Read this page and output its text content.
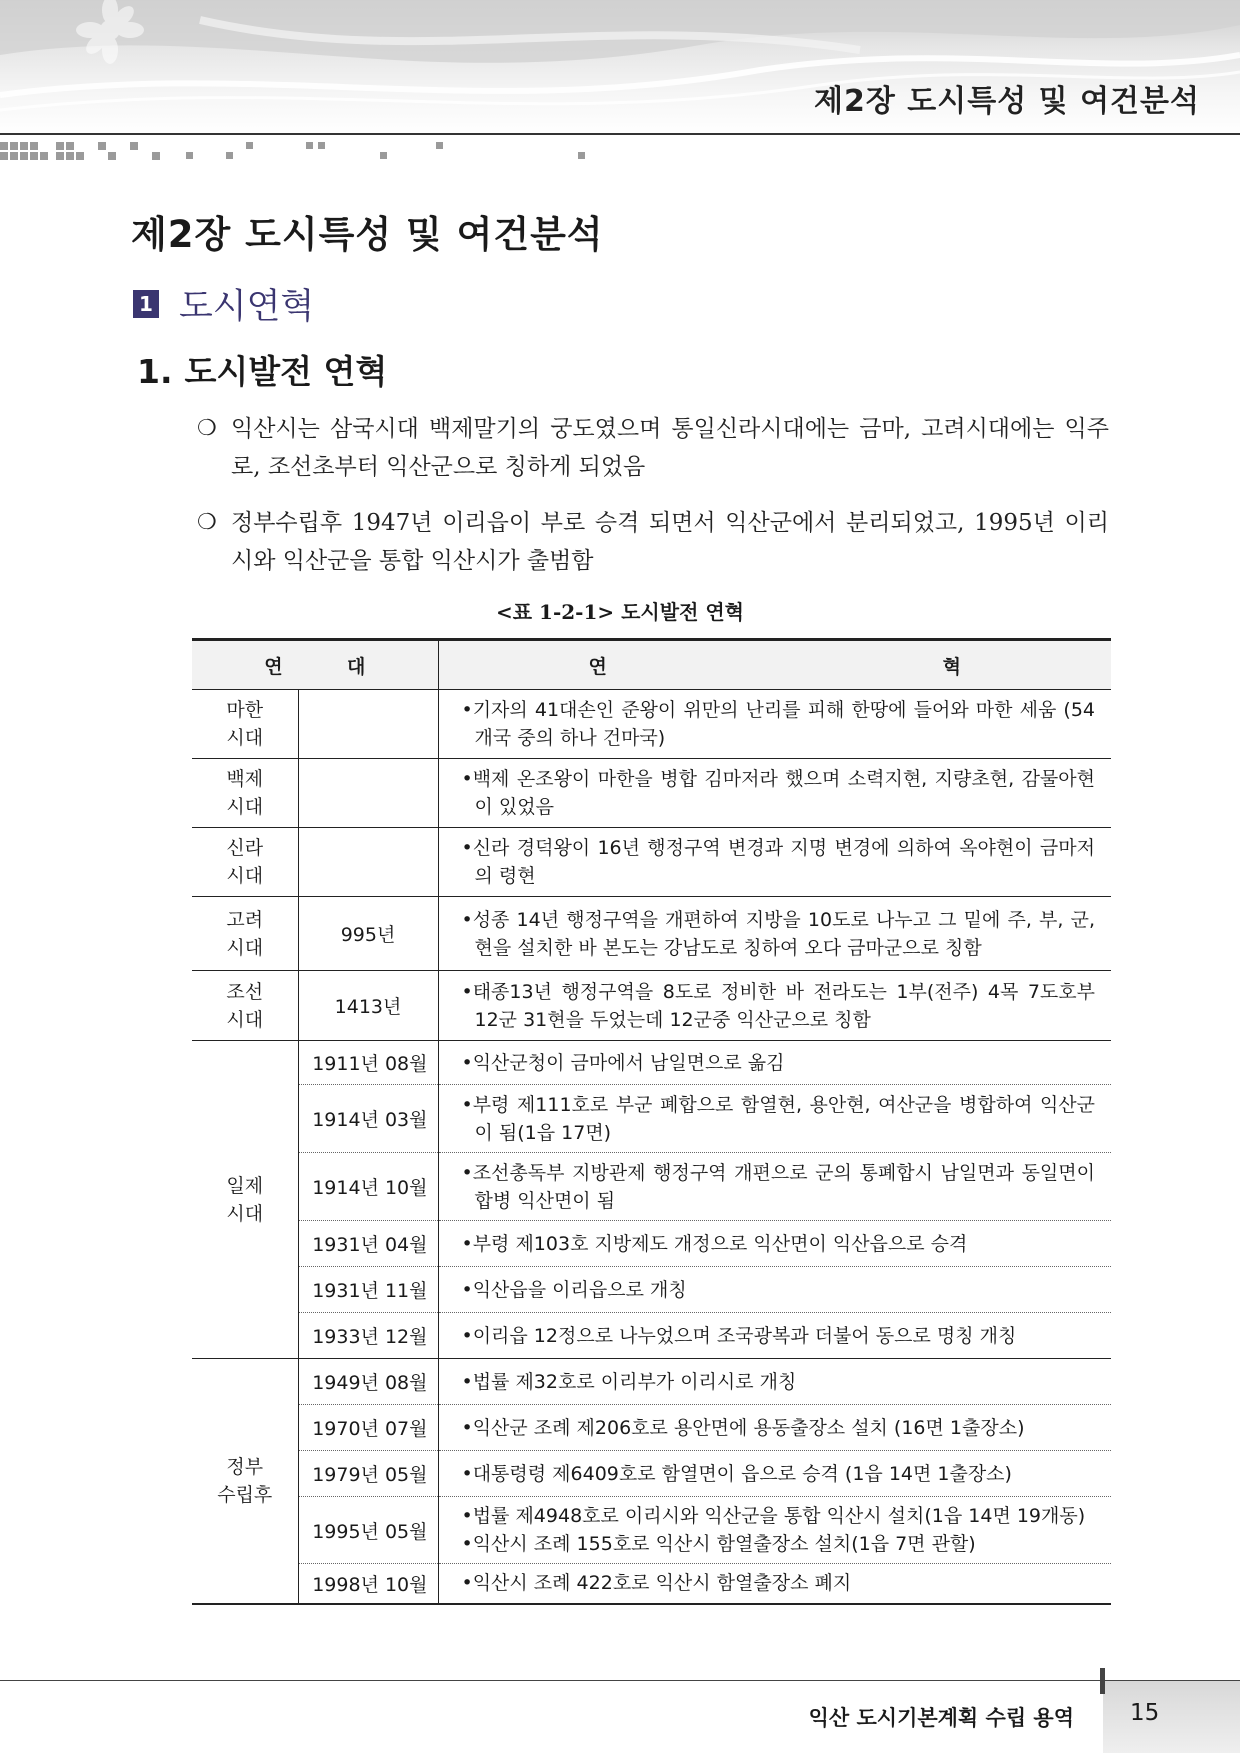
제2장 도시특성 및 여건분석
제2장 도시특성 및 여건분석
1 도시연혁
1. 도시발전 연혁
❍ 익산시는 삼국시대 백제말기의 궁도였으며 통일신라시대에는 금마, 고려시대에는 익주로, 조선초부터 익산군으로 칭하게 되었음
❍ 정부수립후 1947년 이리읍이 부로 승격 되면서 익산군에서 분리되었고, 1995년 이리시와 익산군을 통합 익산시가 출범함
<표 1-2-1> 도시발전 연혁
연 대		연 혁

마한
시대		•기자의 41대손인 준왕이 위만의 난리를 피해 한땅에 들어와 마한 세움 (54개국 중의 하나 건마국)

백제
시대		•백제 온조왕이 마한을 병합 김마저라 했으며 소력지현, 지량초현, 감물아현이 있었음

신라
시대		•신라 경덕왕이 16년 행정구역 변경과 지명 변경에 의하여 옥야현이 금마저의 령현

고려
시대	995년	•성종 14년 행정구역을 개편하여 지방을 10도로 나누고 그 밑에 주, 부, 군, 현을 설치한 바 본도는 강남도로 칭하여 오다 금마군으로 칭함

조선
시대	1413년	•태종13년 행정구역을 8도로 정비한 바 전라도는 1부(전주) 4목 7도호부 12군 31현을 두었는데 12군중 익산군으로 칭함

일제
시대	1911년 08월	•익산군청이 금마에서 남일면으로 옮김

	1914년 03월	•부령 제111호로 부군 폐합으로 함열현, 용안현, 여산군을 병합하여 익산군이 됨(1읍 17면)

	1914년 10월	•조선총독부 지방관제 행정구역 개편으로 군의 통폐합시 남일면과 동일면이 합병 익산면이 됨

	1931년 04월	•부령 제103호 지방제도 개정으로 익산면이 익산읍으로 승격

	1931년 11월	•익산읍을 이리읍으로 개칭

	1933년 12월	•이리읍 12정으로 나누었으며 조국광복과 더불어 동으로 명칭 개칭

정부
수립후	1949년 08월	•법률 제32호로 이리부가 이리시로 개칭

	1970년 07월	•익산군 조례 제206호로 용안면에 용동출장소 설치 (16면 1출장소)

	1979년 05월	•대통령령 제6409호로 함열면이 읍으로 승격 (1읍 14면 1출장소)

	1995년 05월	•법률 제4948호로 이리시와 익산군을 통합 익산시 설치(1읍 14면 19개동)
•익산시 조례 155호로 익산시 함열출장소 설치(1읍 7면 관할)

	1998년 10월	•익산시 조례 422호로 익산시 함열출장소 폐지
익산 도시기본계획 수립 용역 15
